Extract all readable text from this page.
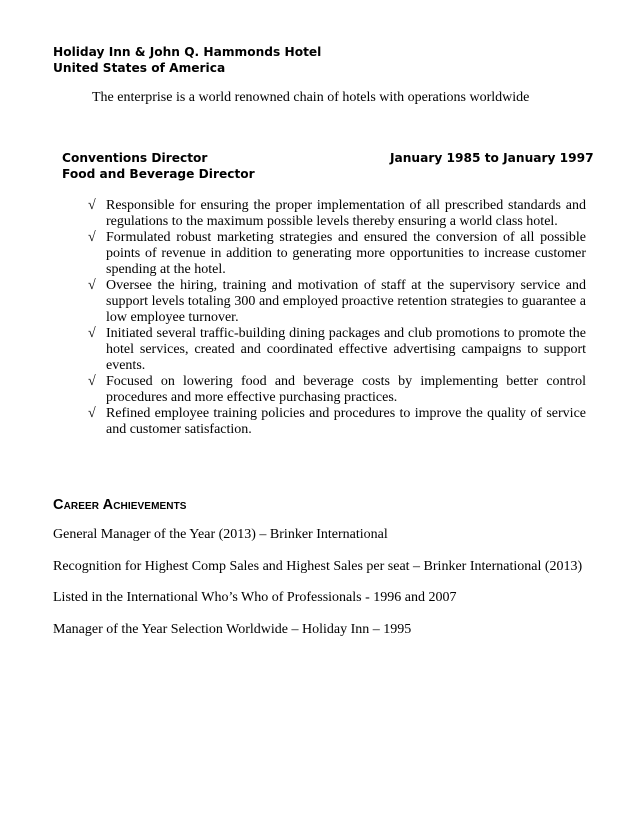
Holiday Inn & John Q. Hammonds Hotel
United States of America
The enterprise is a world renowned chain of hotels with operations worldwide
Conventions Director
Food and Beverage Director
January 1985 to January 1997
√ Responsible for ensuring the proper implementation of all prescribed standards and regulations to the maximum possible levels thereby ensuring a world class hotel.
√ Formulated robust marketing strategies and ensured the conversion of all possible points of revenue in addition to generating more opportunities to increase customer spending at the hotel.
√ Oversee the hiring, training and motivation of staff at the supervisory service and support levels totaling 300 and employed proactive retention strategies to guarantee a low employee turnover.
√ Initiated several traffic-building dining packages and club promotions to promote the hotel services, created and coordinated effective advertising campaigns to support events.
√ Focused on lowering food and beverage costs by implementing better control procedures and more effective purchasing practices.
√ Refined employee training policies and procedures to improve the quality of service and customer satisfaction.
Career Achievements
General Manager of the Year (2013) – Brinker International
Recognition for Highest Comp Sales and Highest Sales per seat – Brinker International (2013)
Listed in the International Who’s Who of Professionals - 1996 and 2007
Manager of the Year Selection Worldwide – Holiday Inn – 1995
